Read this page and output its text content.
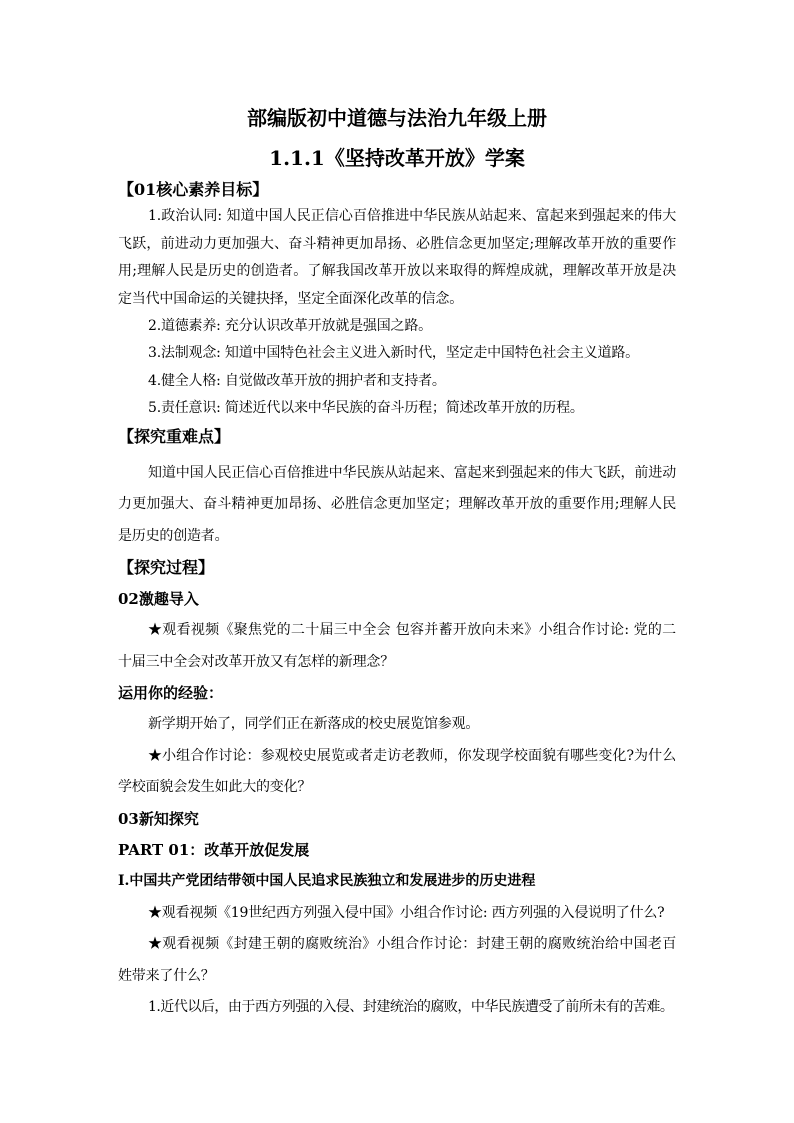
部编版初中道德与法治九年级上册
1.1.1《坚持改革开放》学案
【01核心素养目标】
1.政治认同: 知道中国人民正信心百倍推进中华民族从站起来、富起来到强起来的伟大
飞跃，前进动力更加强大、奋斗精神更加昂扬、必胜信念更加坚定;理解改革开放的重要作
用;理解人民是历史的创造者。了解我国改革开放以来取得的辉煌成就，理解改革开放是决
定当代中国命运的关键抉择，坚定全面深化改革的信念。
2.道德素养: 充分认识改革开放就是强国之路。
3.法制观念: 知道中国特色社会主义进入新时代，坚定走中国特色社会主义道路。
4.健全人格: 自觉做改革开放的拥护者和支持者。
5.责任意识: 简述近代以来中华民族的奋斗历程；简述改革开放的历程。
【探究重难点】
知道中国人民正信心百倍推进中华民族从站起来、富起来到强起来的伟大飞跃，前进动
力更加强大、奋斗精神更加昂扬、必胜信念更加坚定；理解改革开放的重要作用;理解人民
是历史的创造者。
【探究过程】
02激趣导入
★观看视频《聚焦党的二十届三中全会 包容并蓄开放向未来》小组合作讨论: 党的二
十届三中全会对改革开放又有怎样的新理念？
运用你的经验：
新学期开始了，同学们正在新落成的校史展览馆参观。
★小组合作讨论：参观校史展览或者走访老教师，你发现学校面貌有哪些变化?为什么
学校面貌会发生如此大的变化？
03新知探究
PART 01：改革开放促发展
Ⅰ.中国共产党团结带领中国人民追求民族独立和发展进步的历史进程
★观看视频《19世纪西方列强入侵中国》小组合作讨论: 西方列强的入侵说明了什么?
★观看视频《封建王朝的腐败统治》小组合作讨论：封建王朝的腐败统治给中国老百
姓带来了什么？
1.近代以后，由于西方列强的入侵、封建统治的腐败，中华民族遭受了前所未有的苦难。
